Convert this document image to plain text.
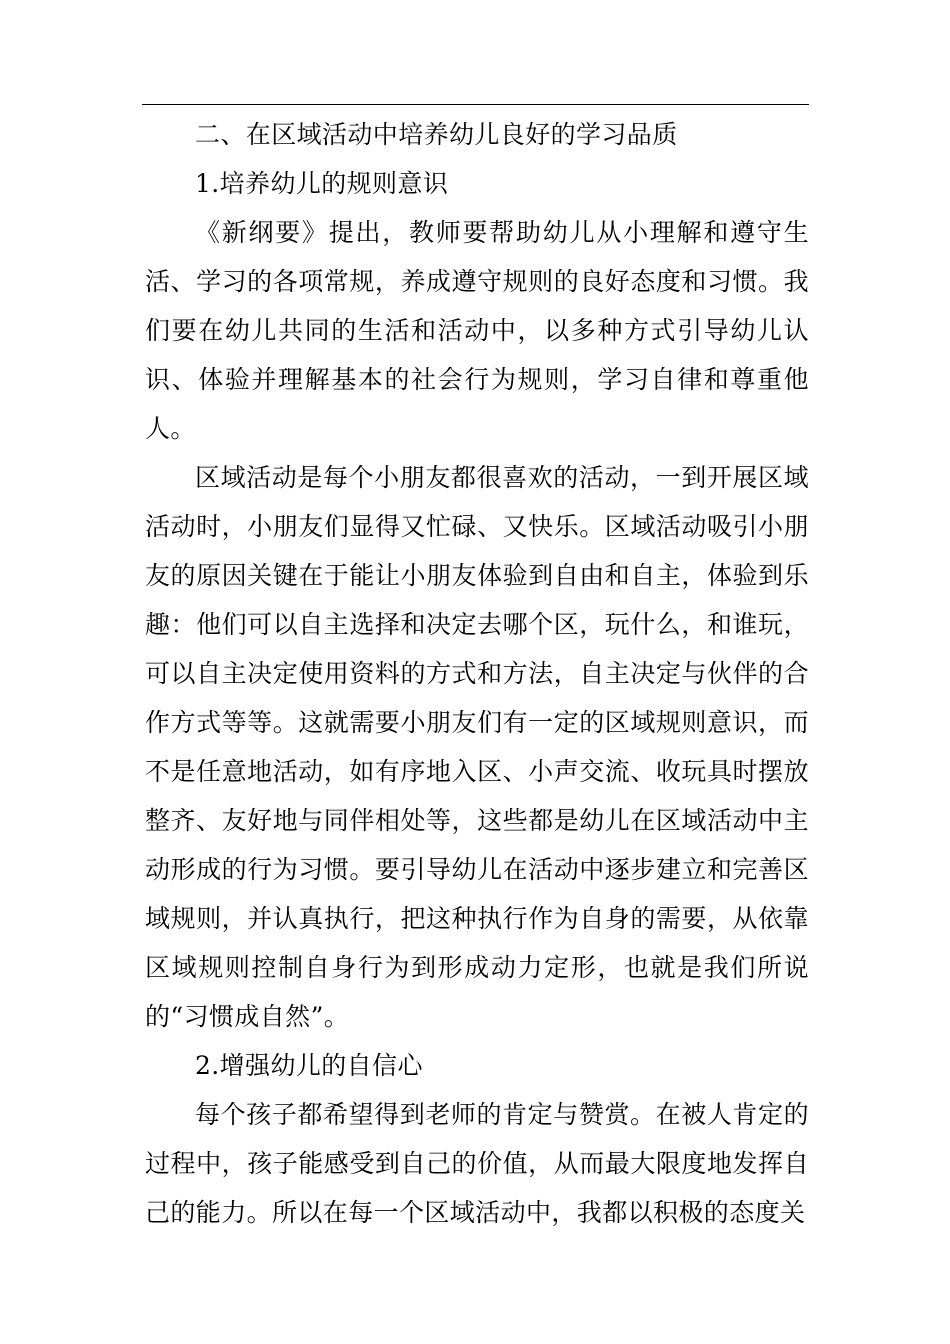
二、在区域活动中培养幼儿良好的学习品质
1.培养幼儿的规则意识

《新纲要》提出，教师要帮助幼儿从小理解和遵守生活、学习的各项常规，养成遵守规则的良好态度和习惯。我们要在幼儿共同的生活和活动中，以多种方式引导幼儿认识、体验并理解基本的社会行为规则，学习自律和尊重他人。

区域活动是每个小朋友都很喜欢的活动，一到开展区域活动时，小朋友们显得又忙碌、又快乐。区域活动吸引小朋友的原因关键在于能让小朋友体验到自由和自主，体验到乐趣：他们可以自主选择和决定去哪个区，玩什么，和谁玩，可以自主决定使用资料的方式和方法，自主决定与伙伴的合作方式等等。这就需要小朋友们有一定的区域规则意识，而不是任意地活动，如有序地入区、小声交流、收玩具时摆放整齐、友好地与同伴相处等，这些都是幼儿在区域活动中主动形成的行为习惯。要引导幼儿在活动中逐步建立和完善区域规则，并认真执行，把这种执行作为自身的需要，从依靠区域规则控制自身行为到形成动力定形，也就是我们所说的“习惯成自然”。

2.增强幼儿的自信心

每个孩子都希望得到老师的肯定与赞赏。在被人肯定的过程中，孩子能感受到自己的价值，从而最大限度地发挥自己的能力。所以在每一个区域活动中，我都以积极的态度关
